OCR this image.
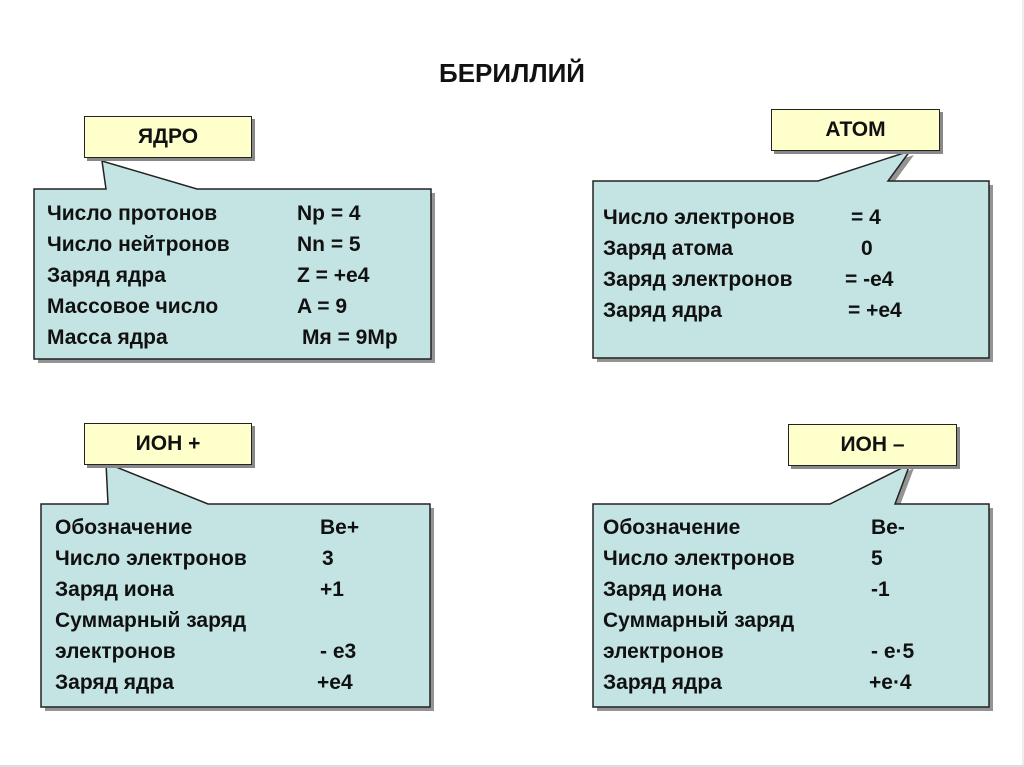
БЕРИЛЛИЙ
ЯДРО	АТОМ
ИОН +	ИОН –
Число протонов	Np = 4
Число нейтронов	Nn = 5
Заряд ядра	Z = +e4
Массовое число	A = 9
Масса ядра	Mя = 9Mp
Число электронов	= 4
Заряд атома	0
Заряд электронов	= -e4
Заряд ядра	= +e4
Обозначение	Be+
Число электронов	3
Заряд иона	+1
Суммарный заряд
электронов	- e3
Заряд ядра	+e4
Обозначение	Be-
Число электронов	5
Заряд иона	-1
Суммарный заряд
электронов	- e·5
Заряд ядра	+e·4
